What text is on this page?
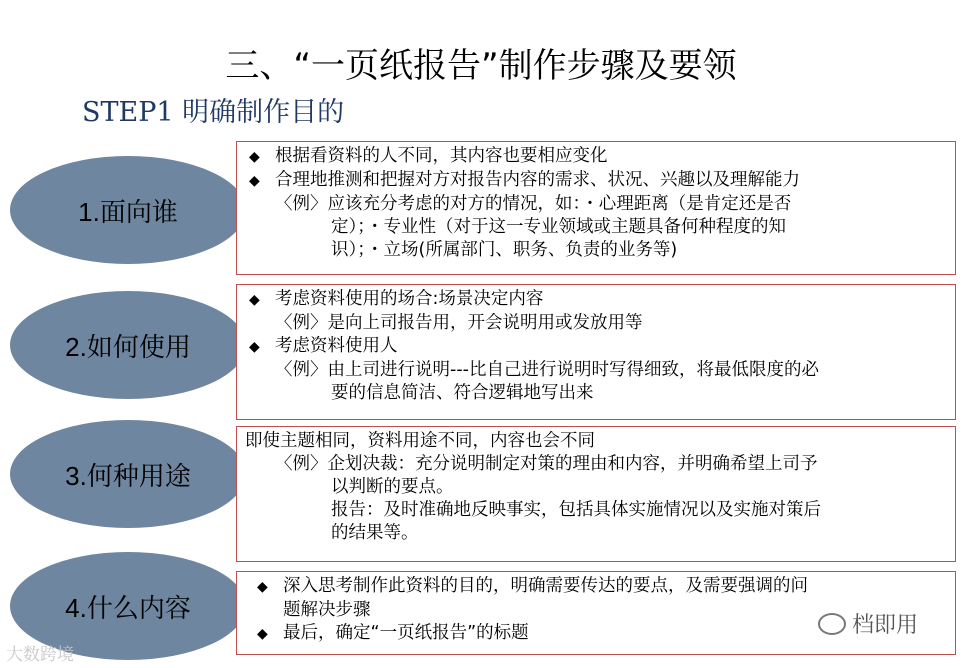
三、“一页纸报告”制作步骤及要领
STEP1 明确制作目的
1.面向谁
◆ 根据看资料的人不同，其内容也要相应变化
◆ 合理地推测和把握对方对报告内容的需求、状况、兴趣以及理解能力
〈例〉应该充分考虑的对方的情况，如：・心理距离（是肯定还是否
定）；・专业性（对于这一专业领域或主题具备何种程度的知
识）；・立场(所属部门、职务、负责的业务等)
2.如何使用
◆ 考虑资料使用的场合:场景决定内容
〈例〉是向上司报告用，开会说明用或发放用等
◆ 考虑资料使用人
〈例〉由上司进行说明---比自己进行说明时写得细致，将最低限度的必
要的信息简洁、符合逻辑地写出来
3.何种用途
即使主题相同，资料用途不同，内容也会不同
〈例〉企划决裁：充分说明制定对策的理由和内容，并明确希望上司予
以判断的要点。
报告：及时准确地反映事实，包括具体实施情况以及实施对策后
的结果等。
4.什么内容
◆ 深入思考制作此资料的目的，明确需要传达的要点，及需要强调的问
题解决步骤
◆ 最后，确定“一页纸报告”的标题
大数跨境
档即用
